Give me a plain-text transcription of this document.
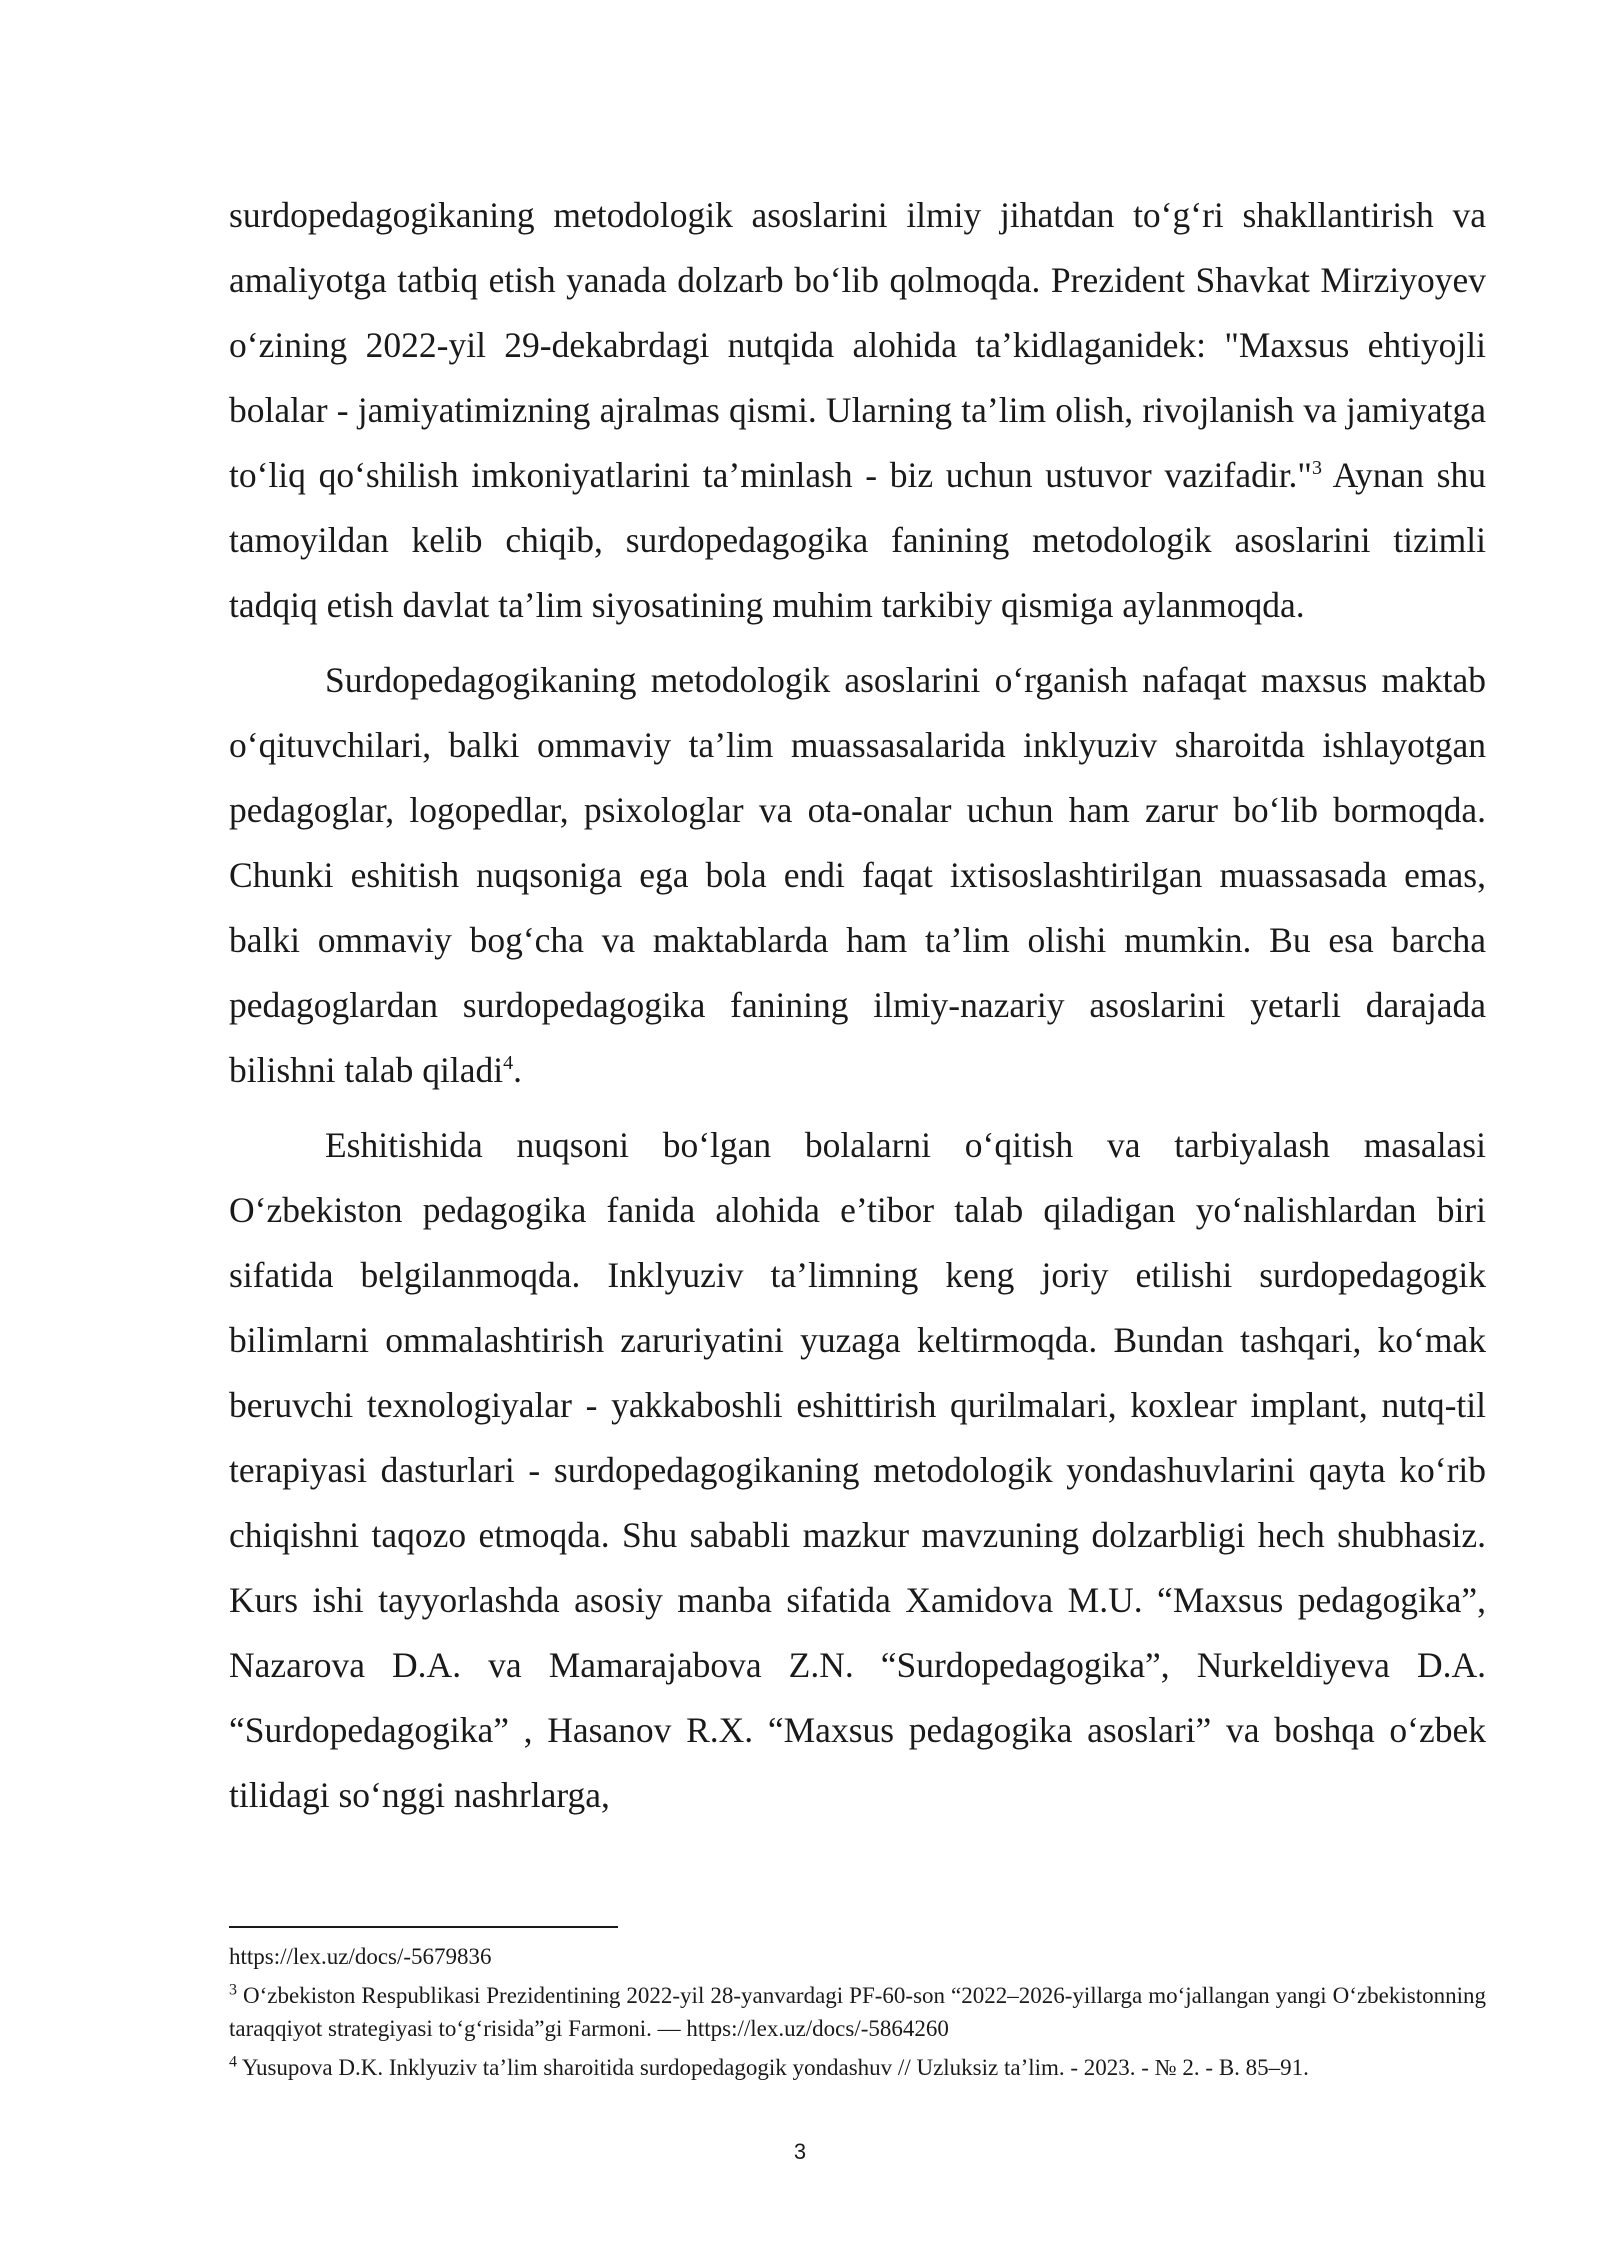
surdopedagogikaning metodologik asoslarini ilmiy jihatdan to‘g‘ri shakllantirish va amaliyotga tatbiq etish yanada dolzarb bo‘lib qolmoqda. Prezident Shavkat Mirziyoyev o‘zining 2022-yil 29-dekabrdagi nutqida alohida ta’kidlaganidek: "Maxsus ehtiyojli bolalar - jamiyatimizning ajralmas qismi. Ularning ta’lim olish, rivojlanish va jamiyatga to‘liq qo‘shilish imkoniyatlarini ta’minlash - biz uchun ustuvor vazifadir."$^3$ Aynan shu tamoyildan kelib chiqib, surdopedagogika fanining metodologik asoslarini tizimli tadqiq etish davlat ta’lim siyosatining muhim tarkibiy qismiga aylanmoqda.

Surdopedagogikaning metodologik asoslarini o‘rganish nafaqat maxsus maktab o‘qituvchilari, balki ommaviy ta’lim muassasalarida inklyuziv sharoitda ishlayotgan pedagoglar, logopedlar, psixologlar va ota-onalar uchun ham zarur bo‘lib bormoqda. Chunki eshitish nuqsoniga ega bola endi faqat ixtisoslashtirilgan muassasada emas, balki ommaviy bog‘cha va maktablarda ham ta’lim olishi mumkin. Bu esa barcha pedagoglardan surdopedagogika fanining ilmiy-nazariy asoslarini yetarli darajada bilishni talab qiladi$^4$.

Eshitishida nuqsoni bo‘lgan bolalarni o‘qitish va tarbiyalash masalasi O‘zbekiston pedagogika fanida alohida e’tibor talab qiladigan yo‘nalishlardan biri sifatida belgilanmoqda. Inklyuziv ta’limning keng joriy etilishi surdopedagogik bilimlarni ommalashtirish zaruriyatini yuzaga keltirmoqda. Bundan tashqari, ko‘mak beruvchi texnologiyalar - yakkaboshli eshittirish qurilmalari, koxlear implant, nutq-til terapiyasi dasturlari - surdopedagogikaning metodologik yondashuvlarini qayta ko‘rib chiqishni taqozo etmoqda. Shu sababli mazkur mavzuning dolzarbligi hech shubhasiz. Kurs ishi tayyorlashda asosiy manba sifatida Xamidova M.U. “Maxsus pedagogika”, Nazarova D.A. va Mamarajabova Z.N. “Surdopedagogika”, Nurkeldiyeva D.A. “Surdopedagogika” , Hasanov R.X. “Maxsus pedagogika asoslari” va boshqa o‘zbek tilidagi so‘nggi nashrlarga,

https://lex.uz/docs/-5679836

$^3$ O‘zbekiston Respublikasi Prezidentining 2022-yil 28-yanvardagi PF-60-son “2022–2026-yillarga mo‘jallangan yangi O‘zbekistonning taraqqiyot strategiyasi to‘g‘risida”gi Farmoni. — https://lex.uz/docs/-5864260

$^4$ Yusupova D.K. Inklyuziv ta’lim sharoitida surdopedagogik yondashuv // Uzluksiz ta’lim. - 2023. - № 2. - B. 85–91.

3
